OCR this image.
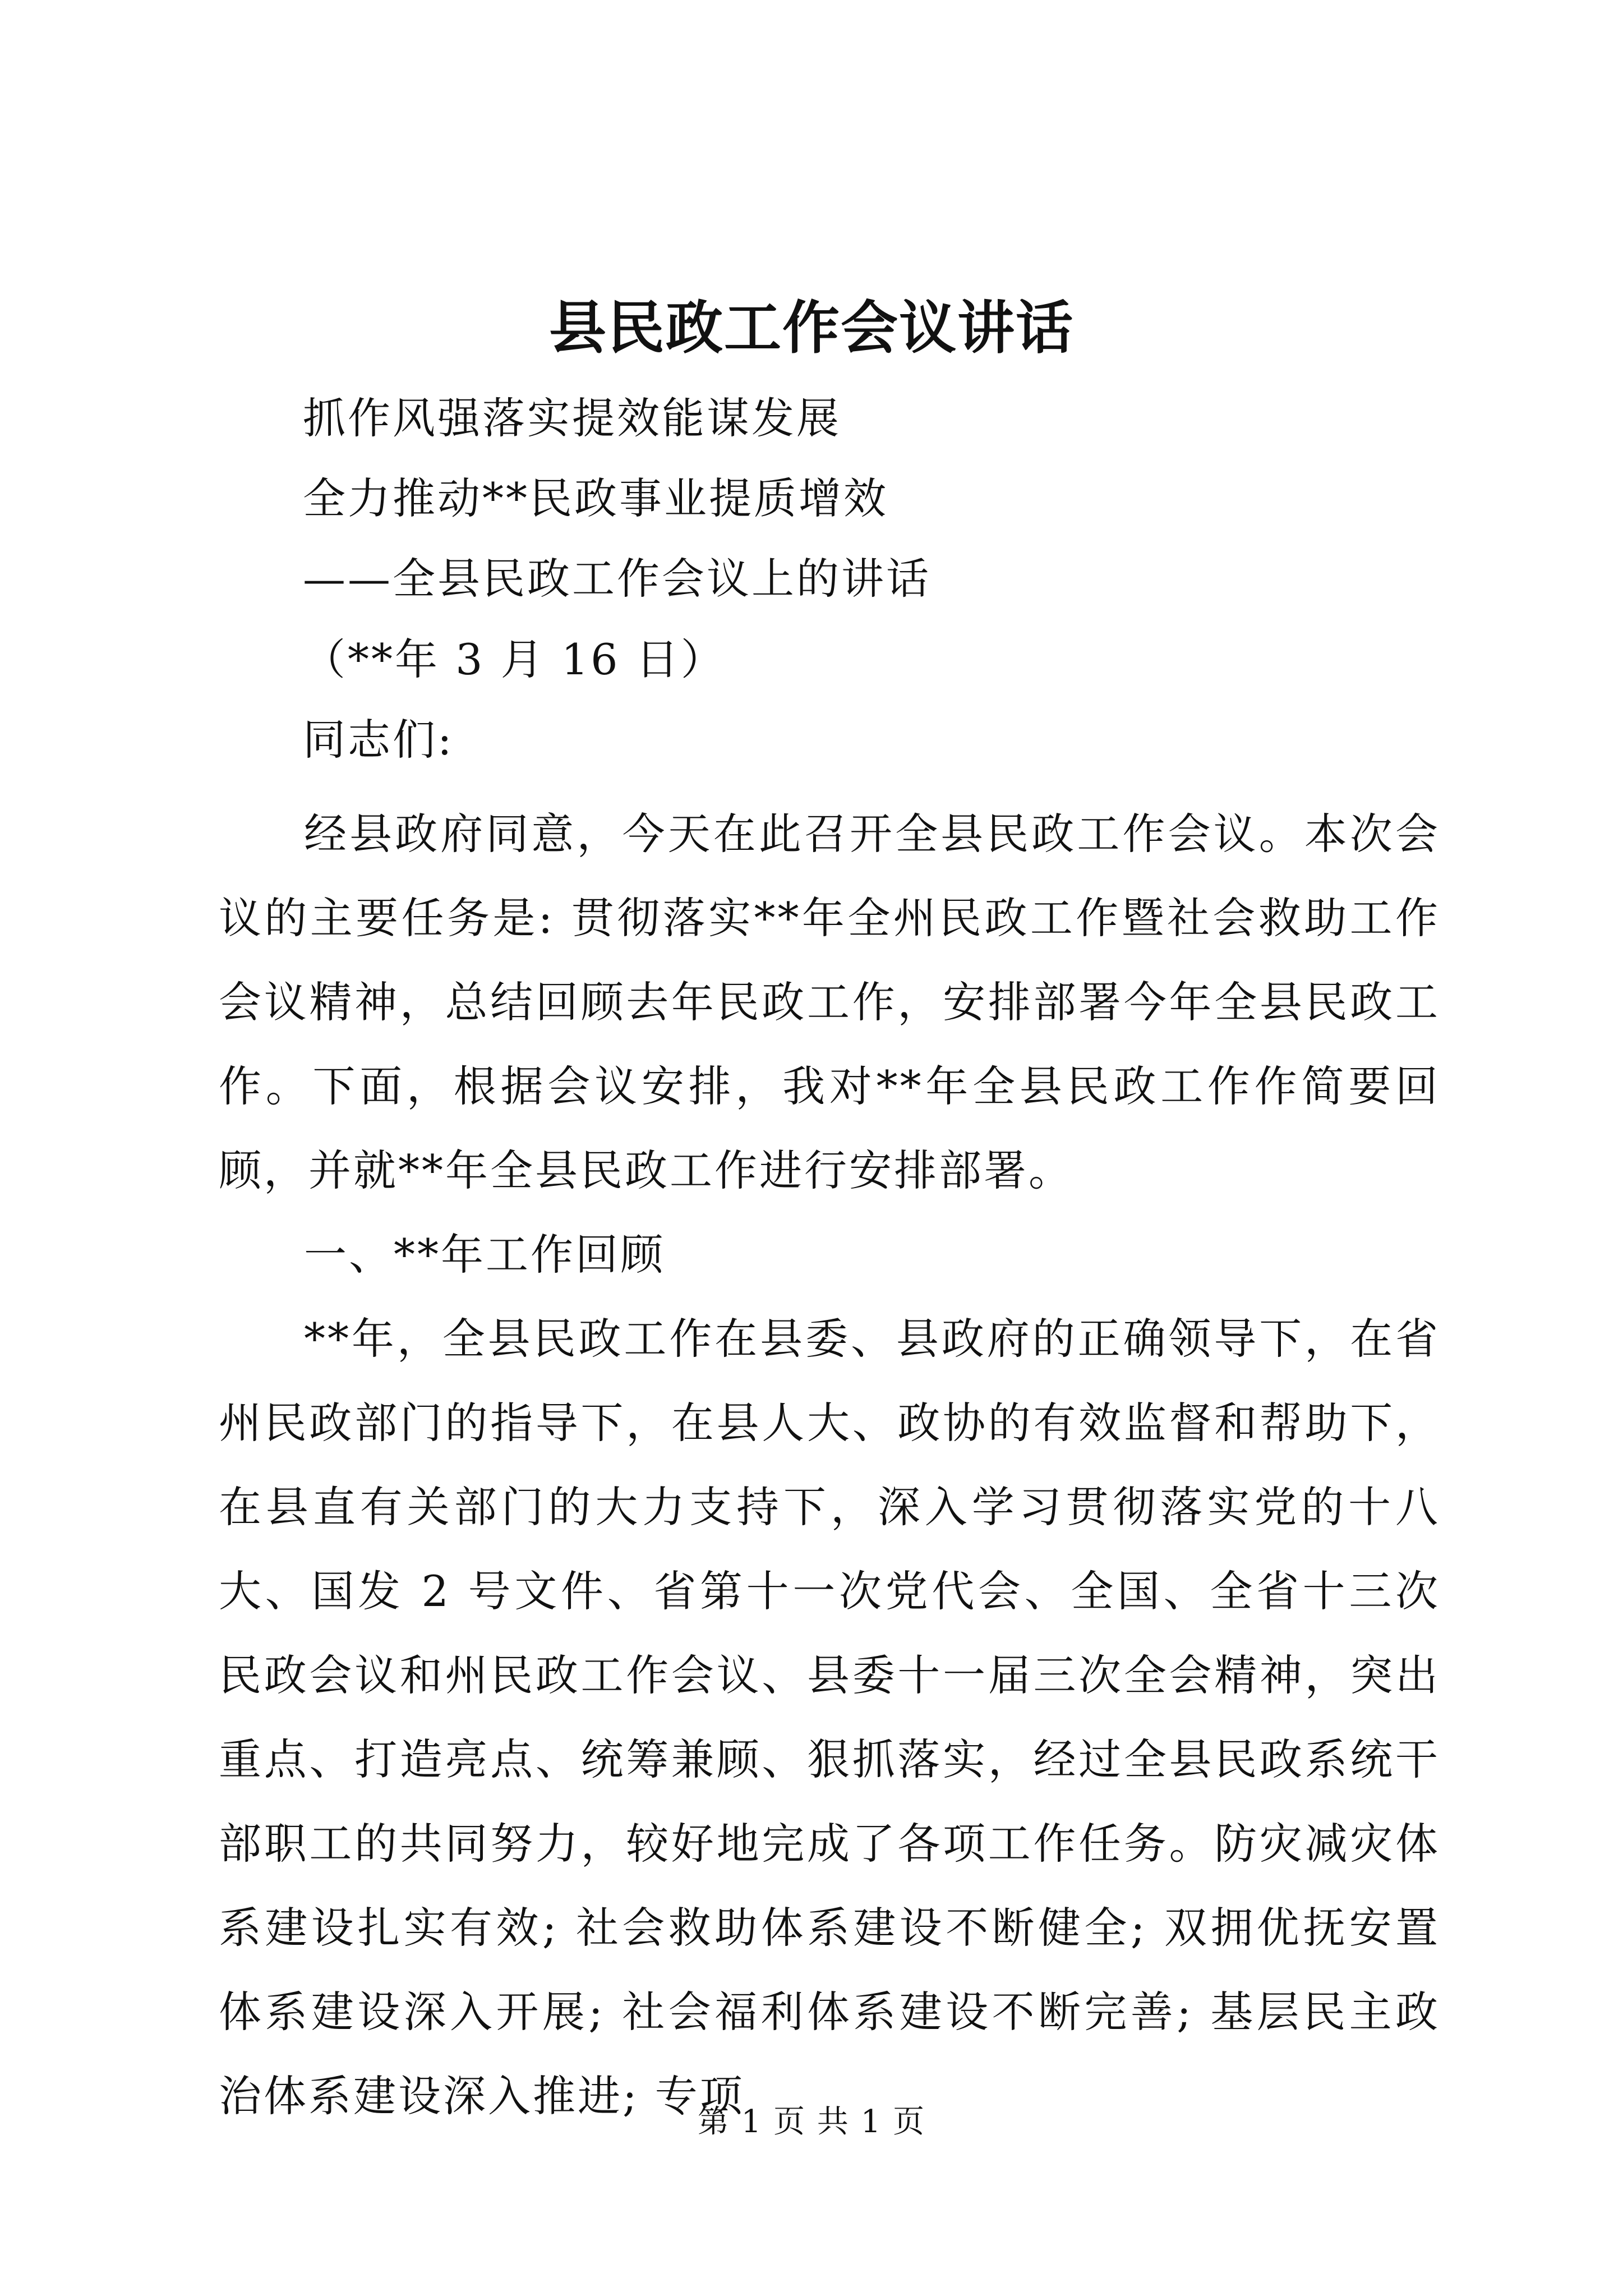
县民政工作会议讲话
抓作风强落实提效能谋发展
全力推动**民政事业提质增效
——全县民政工作会议上的讲话
（**年 3 月 16 日）
同志们:

经县政府同意，今天在此召开全县民政工作会议。本次会议的主要任务是: 贯彻落实**年全州民政工作暨社会救助工作会议精神，总结回顾去年民政工作，安排部署今年全县民政工作。下面，根据会议安排，我对**年全县民政工作作简要回顾，并就**年全县民政工作进行安排部署。

一、**年工作回顾

**年，全县民政工作在县委、县政府的正确领导下，在省州民政部门的指导下，在县人大、政协的有效监督和帮助下，在县直有关部门的大力支持下，深入学习贯彻落实党的十八大、国发 2 号文件、省第十一次党代会、全国、全省十三次民政会议和州民政工作会议、县委十一届三次全会精神，突出重点、打造亮点、统筹兼顾、狠抓落实，经过全县民政系统干部职工的共同努力，较好地完成了各项工作任务。防灾减灾体系建设扎实有效; 社会救助体系建设不断健全; 双拥优抚安置体系建设深入开展; 社会福利体系建设不断完善; 基层民主政治体系建设深入推进; 专项

第 1 页 共 1 页
